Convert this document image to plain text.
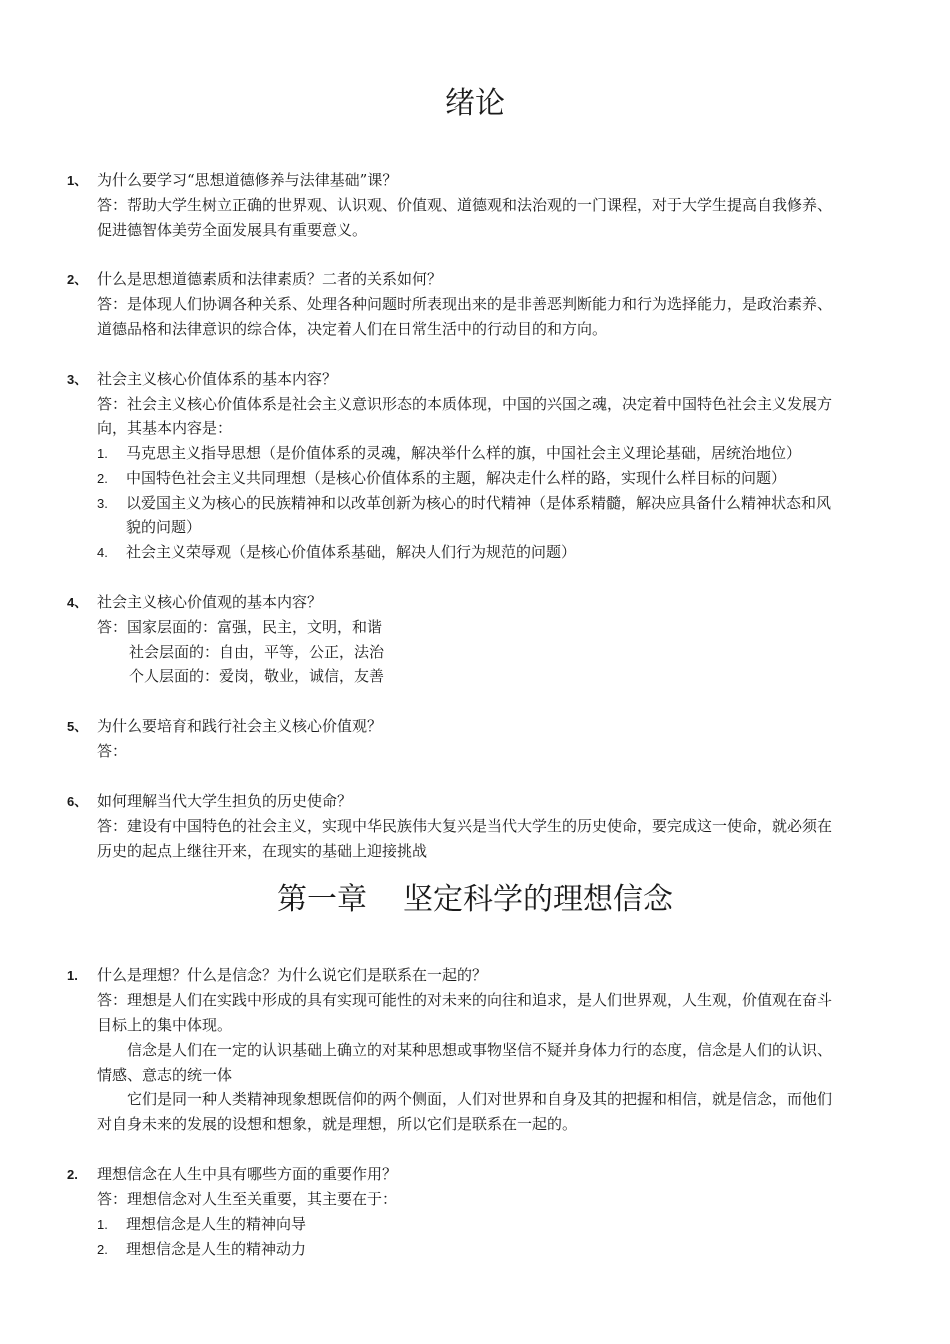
绪论
1、 为什么要学习“思想道德修养与法律基础”课？
答：帮助大学生树立正确的世界观、认识观、价值观、道德观和法治观的一门课程，对于大学生提高自我修养、
促进德智体美劳全面发展具有重要意义。
2、 什么是思想道德素质和法律素质？二者的关系如何？
答：是体现人们协调各种关系、处理各种问题时所表现出来的是非善恶判断能力和行为选择能力，是政治素养、
道德品格和法律意识的综合体，决定着人们在日常生活中的行动目的和方向。
3、 社会主义核心价值体系的基本内容？
答：社会主义核心价值体系是社会主义意识形态的本质体现，中国的兴国之魂，决定着中国特色社会主义发展方
向，其基本内容是：
1. 马克思主义指导思想（是价值体系的灵魂，解决举什么样的旗，中国社会主义理论基础，居统治地位）
2. 中国特色社会主义共同理想（是核心价值体系的主题，解决走什么样的路，实现什么样目标的问题）
3. 以爱国主义为核心的民族精神和以改革创新为核心的时代精神（是体系精髓，解决应具备什么精神状态和风
貌的问题）
4. 社会主义荣辱观（是核心价值体系基础，解决人们行为规范的问题）
4、 社会主义核心价值观的基本内容？
答：国家层面的：富强，民主，文明，和谐
社会层面的：自由，平等，公正，法治
个人层面的：爱岗，敬业，诚信，友善
5、 为什么要培育和践行社会主义核心价值观？
答：
6、 如何理解当代大学生担负的历史使命？
答：建设有中国特色的社会主义，实现中华民族伟大复兴是当代大学生的历史使命，要完成这一使命，就必须在
历史的起点上继往开来，在现实的基础上迎接挑战
第一章 坚定科学的理想信念
1. 什么是理想？什么是信念？为什么说它们是联系在一起的？
答：理想是人们在实践中形成的具有实现可能性的对未来的向往和追求，是人们世界观，人生观，价值观在奋斗
目标上的集中体现。
信念是人们在一定的认识基础上确立的对某种思想或事物坚信不疑并身体力行的态度，信念是人们的认识、
情感、意志的统一体
它们是同一种人类精神现象想既信仰的两个侧面，人们对世界和自身及其的把握和相信，就是信念，而他们
对自身未来的发展的设想和想象，就是理想，所以它们是联系在一起的。
2. 理想信念在人生中具有哪些方面的重要作用？
答：理想信念对人生至关重要，其主要在于：
1. 理想信念是人生的精神向导
2. 理想信念是人生的精神动力
